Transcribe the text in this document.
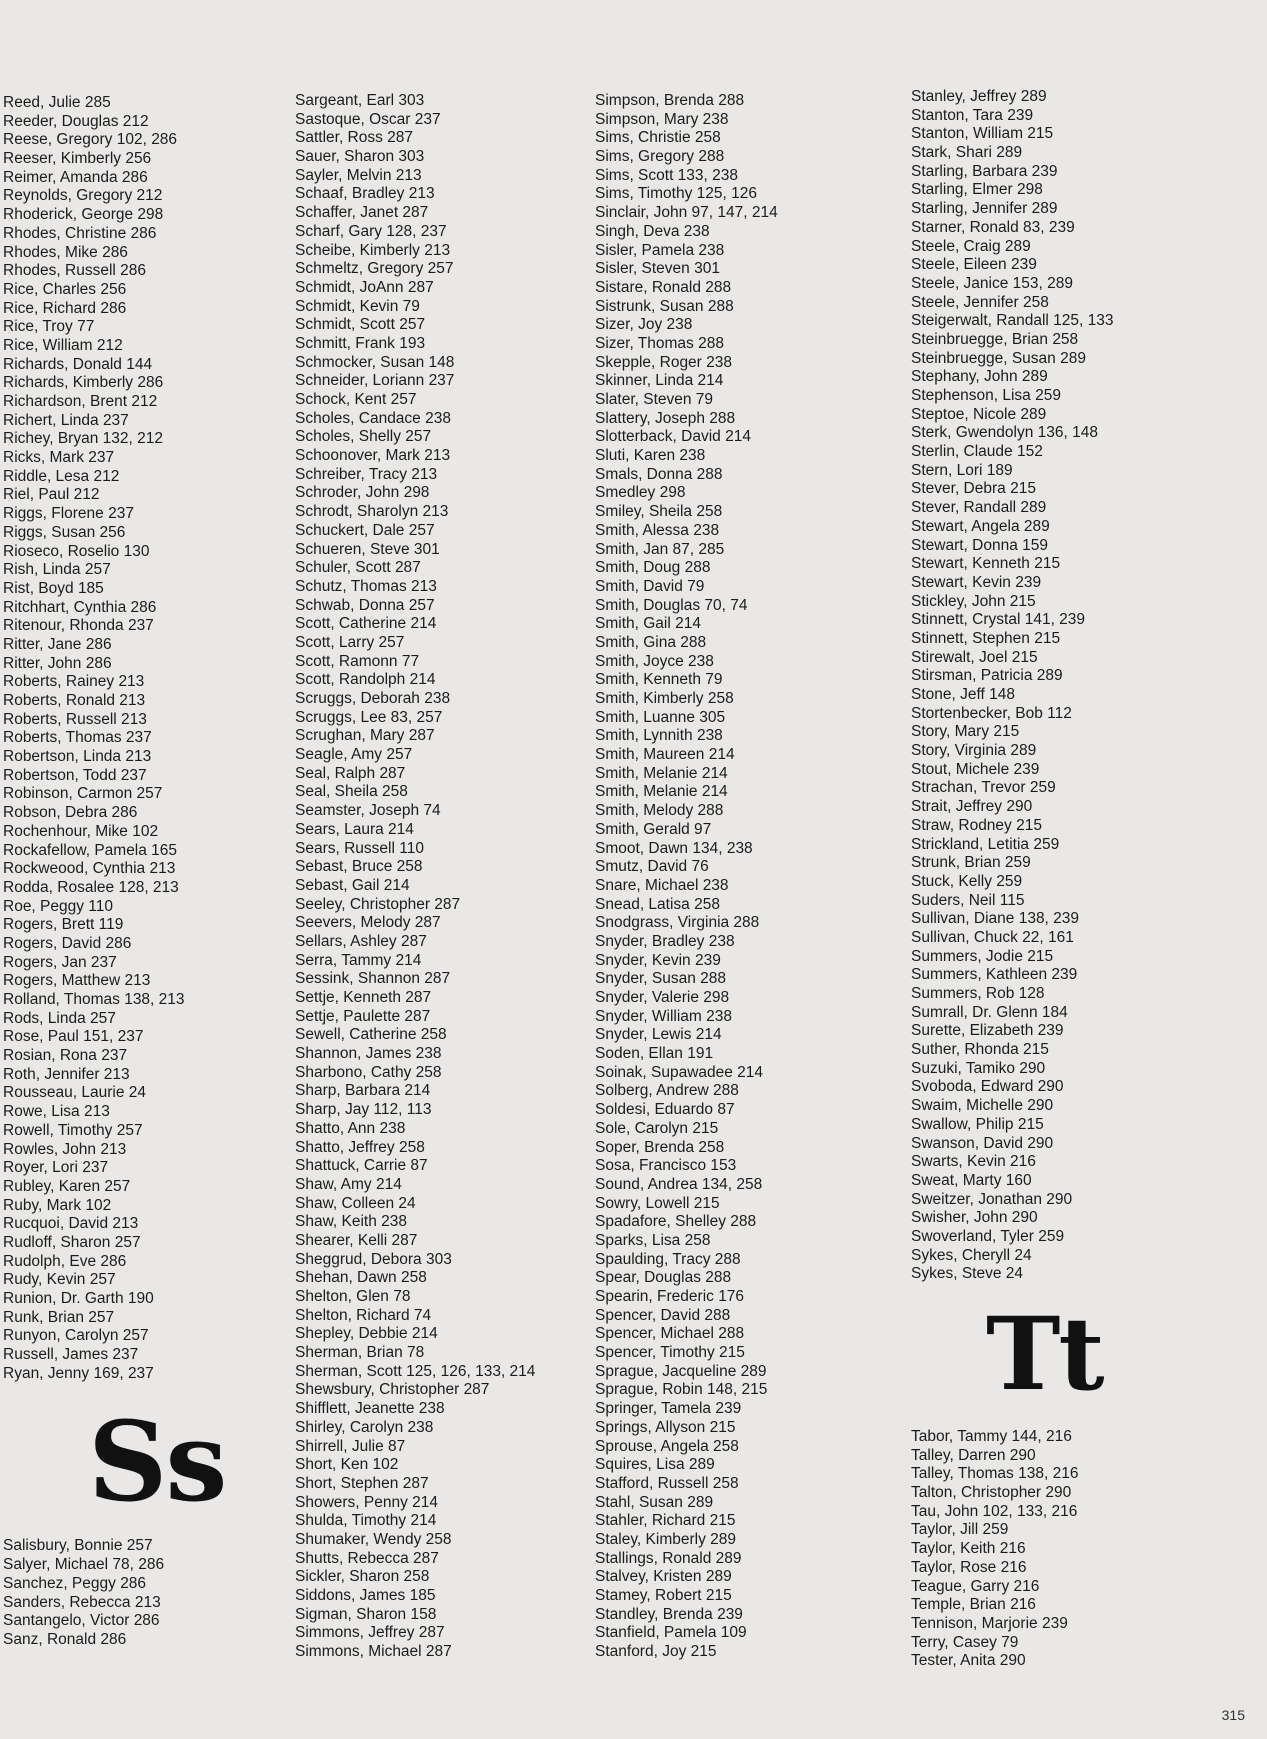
Reed, Julie 285
Reeder, Douglas 212
Reese, Gregory 102, 286
Reeser, Kimberly 256
Reimer, Amanda 286
Reynolds, Gregory 212
Rhoderick, George 298
Rhodes, Christine 286
Rhodes, Mike 286
Rhodes, Russell 286
Rice, Charles 256
Rice, Richard 286
Rice, Troy 77
Rice, William 212
Richards, Donald 144
Richards, Kimberly 286
Richardson, Brent 212
Richert, Linda 237
Richey, Bryan 132, 212
Ricks, Mark 237
Riddle, Lesa 212
Riel, Paul 212
Riggs, Florene 237
Riggs, Susan 256
Rioseco, Roselio 130
Rish, Linda 257
Rist, Boyd 185
Ritchhart, Cynthia 286
Ritenour, Rhonda 237
Ritter, Jane 286
Ritter, John 286
Roberts, Rainey 213
Roberts, Ronald 213
Roberts, Russell 213
Roberts, Thomas 237
Robertson, Linda 213
Robertson, Todd 237
Robinson, Carmon 257
Robson, Debra 286
Rochenhour, Mike 102
Rockafellow, Pamela 165
Rockweood, Cynthia 213
Rodda, Rosalee 128, 213
Roe, Peggy 110
Rogers, Brett 119
Rogers, David 286
Rogers, Jan 237
Rogers, Matthew 213
Rolland, Thomas 138, 213
Rods, Linda 257
Rose, Paul 151, 237
Rosian, Rona 237
Roth, Jennifer 213
Rousseau, Laurie 24
Rowe, Lisa 213
Rowell, Timothy 257
Rowles, John 213
Royer, Lori 237
Rubley, Karen 257
Ruby, Mark 102
Rucquoi, David 213
Rudloff, Sharon 257
Rudolph, Eve 286
Rudy, Kevin 257
Runion, Dr. Garth 190
Runk, Brian 257
Runyon, Carolyn 257
Russell, James 237
Ryan, Jenny 169, 237
Ss
Salisbury, Bonnie 257
Salyer, Michael 78, 286
Sanchez, Peggy 286
Sanders, Rebecca 213
Santangelo, Victor 286
Sanz, Ronald 286
Sargeant, Earl 303
Sastoque, Oscar 237
Sattler, Ross 287
Sauer, Sharon 303
Sayler, Melvin 213
Schaaf, Bradley 213
Schaffer, Janet 287
Scharf, Gary 128, 237
Scheibe, Kimberly 213
Schmeltz, Gregory 257
Schmidt, JoAnn 287
Schmidt, Kevin 79
Schmidt, Scott 257
Schmitt, Frank 193
Schmocker, Susan 148
Schneider, Loriann 237
Schock, Kent 257
Scholes, Candace 238
Scholes, Shelly 257
Schoonover, Mark 213
Schreiber, Tracy 213
Schroder, John 298
Schrodt, Sharolyn 213
Schuckert, Dale 257
Schueren, Steve 301
Schuler, Scott 287
Schutz, Thomas 213
Schwab, Donna 257
Scott, Catherine 214
Scott, Larry 257
Scott, Ramonn 77
Scott, Randolph 214
Scruggs, Deborah 238
Scruggs, Lee 83, 257
Scrughan, Mary 287
Seagle, Amy 257
Seal, Ralph 287
Seal, Sheila 258
Seamster, Joseph 74
Sears, Laura 214
Sears, Russell 110
Sebast, Bruce 258
Sebast, Gail 214
Seeley, Christopher 287
Seevers, Melody 287
Sellars, Ashley 287
Serra, Tammy 214
Sessink, Shannon 287
Settje, Kenneth 287
Settje, Paulette 287
Sewell, Catherine 258
Shannon, James 238
Sharbono, Cathy 258
Sharp, Barbara 214
Sharp, Jay 112, 113
Shatto, Ann 238
Shatto, Jeffrey 258
Shattuck, Carrie 87
Shaw, Amy 214
Shaw, Colleen 24
Shaw, Keith 238
Shearer, Kelli 287
Sheggrud, Debora 303
Shehan, Dawn 258
Shelton, Glen 78
Shelton, Richard 74
Shepley, Debbie 214
Sherman, Brian 78
Sherman, Scott 125, 126, 133, 214
Shewsbury, Christopher 287
Shifflett, Jeanette 238
Shirley, Carolyn 238
Shirrell, Julie 87
Short, Ken 102
Short, Stephen 287
Showers, Penny 214
Shulda, Timothy 214
Shumaker, Wendy 258
Shutts, Rebecca 287
Sickler, Sharon 258
Siddons, James 185
Sigman, Sharon 158
Simmons, Jeffrey 287
Simmons, Michael 287
Simpson, Brenda 288
Simpson, Mary 238
Sims, Christie 258
Sims, Gregory 288
Sims, Scott 133, 238
Sims, Timothy 125, 126
Sinclair, John 97, 147, 214
Singh, Deva 238
Sisler, Pamela 238
Sisler, Steven 301
Sistare, Ronald 288
Sistrunk, Susan 288
Sizer, Joy 238
Sizer, Thomas 288
Skepple, Roger 238
Skinner, Linda 214
Slater, Steven 79
Slattery, Joseph 288
Slotterback, David 214
Sluti, Karen 238
Smals, Donna 288
Smedley 298
Smiley, Sheila 258
Smith, Alessa 238
Smith, Jan 87, 285
Smith, Doug 288
Smith, David 79
Smith, Douglas 70, 74
Smith, Gail 214
Smith, Gina 288
Smith, Joyce 238
Smith, Kenneth 79
Smith, Kimberly 258
Smith, Luanne 305
Smith, Lynnith 238
Smith, Maureen 214
Smith, Melanie 214
Smith, Melanie 214
Smith, Melody 288
Smith, Gerald 97
Smoot, Dawn 134, 238
Smutz, David 76
Snare, Michael 238
Snead, Latisa 258
Snodgrass, Virginia 288
Snyder, Bradley 238
Snyder, Kevin 239
Snyder, Susan 288
Snyder, Valerie 298
Snyder, William 238
Snyder, Lewis 214
Soden, Ellan 191
Soinak, Supawadee 214
Solberg, Andrew 288
Soldesi, Eduardo 87
Sole, Carolyn 215
Soper, Brenda 258
Sosa, Francisco 153
Sound, Andrea 134, 258
Sowry, Lowell 215
Spadafore, Shelley 288
Sparks, Lisa 258
Spaulding, Tracy 288
Spear, Douglas 288
Spearin, Frederic 176
Spencer, David 288
Spencer, Michael 288
Spencer, Timothy 215
Sprague, Jacqueline 289
Sprague, Robin 148, 215
Springer, Tamela 239
Springs, Allyson 215
Sprouse, Angela 258
Squires, Lisa 289
Stafford, Russell 258
Stahl, Susan 289
Stahler, Richard 215
Staley, Kimberly 289
Stallings, Ronald 289
Stalvey, Kristen 289
Stamey, Robert 215
Standley, Brenda 239
Stanfield, Pamela 109
Stanford, Joy 215
Stanley, Jeffrey 289
Stanton, Tara 239
Stanton, William 215
Stark, Shari 289
Starling, Barbara 239
Starling, Elmer 298
Starling, Jennifer 289
Starner, Ronald 83, 239
Steele, Craig 289
Steele, Eileen 239
Steele, Janice 153, 289
Steele, Jennifer 258
Steigerwalt, Randall 125, 133
Steinbruegge, Brian 258
Steinbruegge, Susan 289
Stephany, John 289
Stephenson, Lisa 259
Steptoe, Nicole 289
Sterk, Gwendolyn 136, 148
Sterlin, Claude 152
Stern, Lori 189
Stever, Debra 215
Stever, Randall 289
Stewart, Angela 289
Stewart, Donna 159
Stewart, Kenneth 215
Stewart, Kevin 239
Stickley, John 215
Stinnett, Crystal 141, 239
Stinnett, Stephen 215
Stirewalt, Joel 215
Stirsman, Patricia 289
Stone, Jeff 148
Stortenbecker, Bob 112
Story, Mary 215
Story, Virginia 289
Stout, Michele 239
Strachan, Trevor 259
Strait, Jeffrey 290
Straw, Rodney 215
Strickland, Letitia 259
Strunk, Brian 259
Stuck, Kelly 259
Suders, Neil 115
Sullivan, Diane 138, 239
Sullivan, Chuck 22, 161
Summers, Jodie 215
Summers, Kathleen 239
Summers, Rob 128
Sumrall, Dr. Glenn 184
Surette, Elizabeth 239
Suther, Rhonda 215
Suzuki, Tamiko 290
Svoboda, Edward 290
Swaim, Michelle 290
Swallow, Philip 215
Swanson, David 290
Swarts, Kevin 216
Sweat, Marty 160
Sweitzer, Jonathan 290
Swisher, John 290
Swoverland, Tyler 259
Sykes, Cheryll 24
Sykes, Steve 24
Tt
Tabor, Tammy 144, 216
Talley, Darren 290
Talley, Thomas 138, 216
Talton, Christopher 290
Tau, John 102, 133, 216
Taylor, Jill 259
Taylor, Keith 216
Taylor, Rose 216
Teague, Garry 216
Temple, Brian 216
Tennison, Marjorie 239
Terry, Casey 79
Tester, Anita 290
315
